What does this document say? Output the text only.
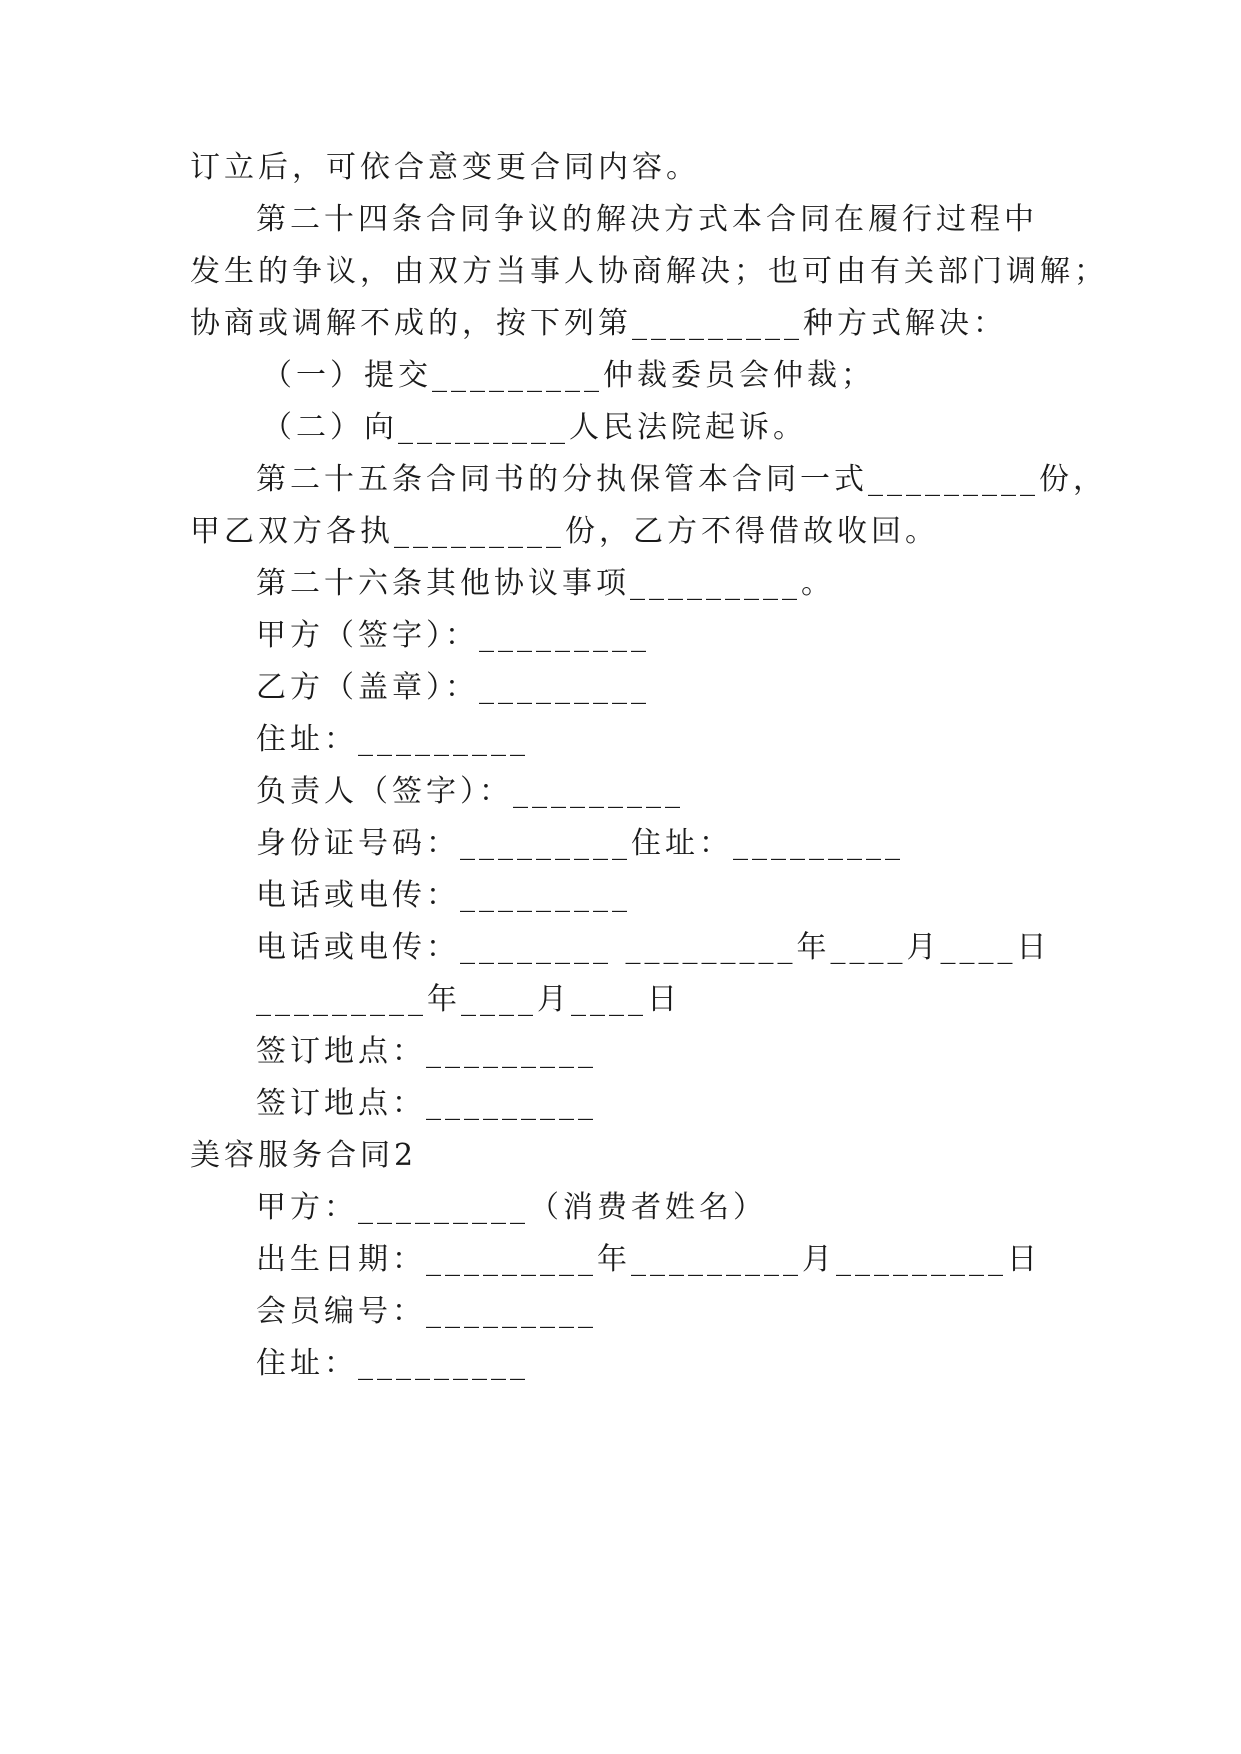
订立后，可依合意变更合同内容。
第二十四条合同争议的解决方式本合同在履行过程中
发生的争议，由双方当事人协商解决；也可由有关部门调解；
协商或调解不成的，按下列第_________种方式解决：
（一）提交_________仲裁委员会仲裁；
（二）向_________人民法院起诉。
第二十五条合同书的分执保管本合同一式_________份，
甲乙双方各执_________份，乙方不得借故收回。
第二十六条其他协议事项_________。
甲方（签字）：_________
乙方（盖章）：_________
住址：_________
负责人（签字）：_________
身份证号码：_________住址：_________
电话或电传：_________
电话或电传：________ _________年____月____日
_________年____月____日
签订地点：_________
签订地点：_________
美容服务合同2
甲方：_________（消费者姓名）
出生日期：_________年_________月_________日
会员编号：_________
住址：_________
